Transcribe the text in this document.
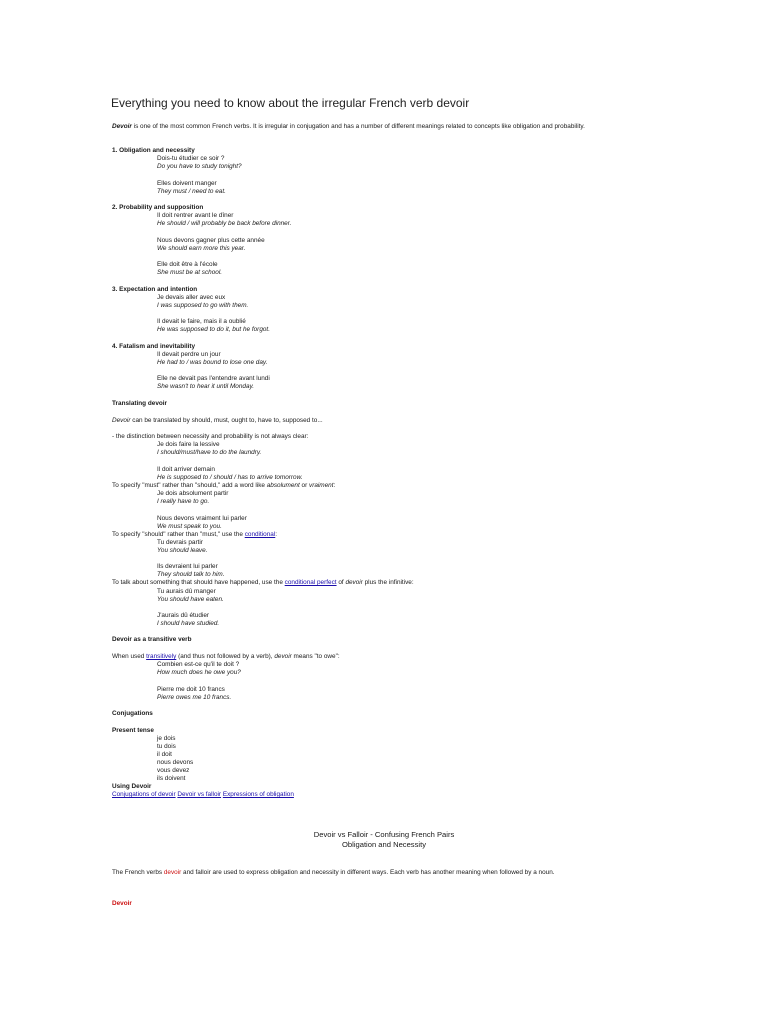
Everything you need to know about the irregular French verb devoir
Devoir is one of the most common French verbs. It is irregular in conjugation and has a number of different meanings related to concepts like obligation and probability.
1. Obligation and necessity
Dois-tu étudier ce soir ?
Do you have to study tonight?
Elles doivent manger
They must / need to eat.
2. Probability and supposition
Il doit rentrer avant le dîner
He should / will probably be back before dinner.
Nous devons gagner plus cette année
We should earn more this year.
Elle doit être à l'école
She must be at school.
3. Expectation and intention
Je devais aller avec eux
I was supposed to go with them.
Il devait le faire, mais il a oublié
He was supposed to do it, but he forgot.
4. Fatalism and inevitability
Il devait perdre un jour
He had to / was bound to lose one day.
Elle ne devait pas l'entendre avant lundi
She wasn't to hear it until Monday.
Translating devoir
Devoir can be translated by should, must, ought to, have to, supposed to...
- the distinction between necessity and probability is not always clear:
Je dois faire la lessive
I should/must/have to do the laundry.
Il doit arriver demain
He is supposed to / should / has to arrive tomorrow.
To specify "must" rather than "should," add a word like absolument or vraiment:
Je dois absolument partir
I really have to go.
Nous devons vraiment lui parler
We must speak to you.
To specify "should" rather than "must," use the conditional:
Tu devrais partir
You should leave.
Ils devraient lui parler
They should talk to him.
To talk about something that should have happened, use the conditional perfect of devoir plus the infinitive:
Tu aurais dû manger
You should have eaten.
J'aurais dû étudier
I should have studied.
Devoir as a transitive verb
When used transitively (and thus not followed by a verb), devoir means "to owe":
Combien est-ce qu'il te doit ?
How much does he owe you?
Pierre me doit 10 francs
Pierre owes me 10 francs.
Conjugations
Present tense
je dois
tu dois
il doit
nous devons
vous devez
ils doivent
Using Devoir
Conjugations of devoir Devoir vs falloir Expressions of obligation
Devoir vs Falloir - Confusing French Pairs
Obligation and Necessity
The French verbs devoir and falloir are used to express obligation and necessity in different ways. Each verb has another meaning when followed by a noun.
Devoir
